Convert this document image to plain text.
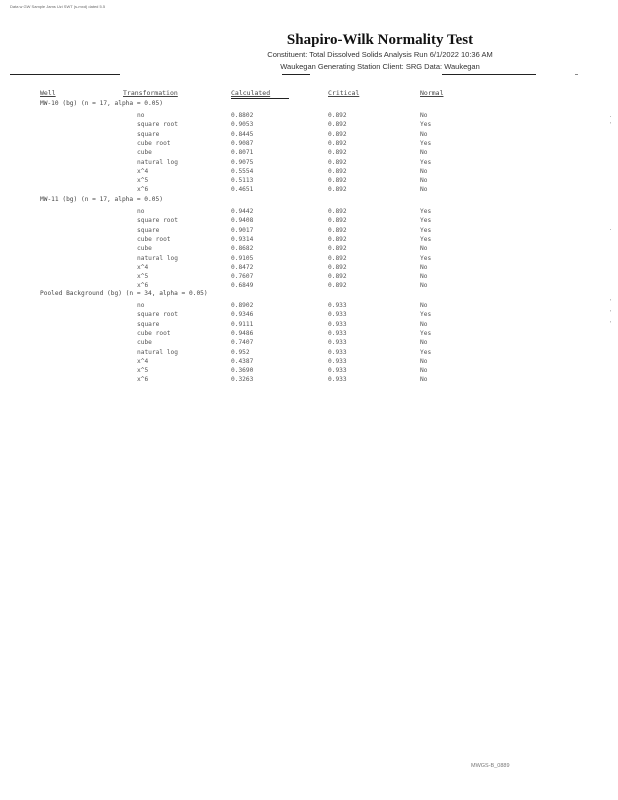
Data w GW Sample Jams Uzi SWT (s-mxd) dated 5.5
Shapiro-Wilk Normality Test
Constituent: Total Dissolved Solids Analysis Run 6/1/2022 10:36 AM
Waukegan Generating Station Client: SRG Data: Waukegan
Well	Transformation	Calculated	Critical	Normal
MW-10 (bg) (n = 17, alpha = 0.05)
no	0.8802	0.892	No
square root	0.9053	0.892	Yes
square	0.8445	0.892	No
cube root	0.9087	0.892	Yes
cube	0.8071	0.892	No
natural log	0.9075	0.892	Yes
x^4	0.5554	0.892	No
x^5	0.5113	0.892	No
x^6	0.4651	0.892	No
MW-11 (bg) (n = 17, alpha = 0.05)
no	0.9442	0.892	Yes
square root	0.9408	0.892	Yes
square	0.9017	0.892	Yes
cube root	0.9314	0.892	Yes
cube	0.8682	0.892	No
natural log	0.9105	0.892	Yes
x^4	0.8472	0.892	No
x^5	0.7607	0.892	No
x^6	0.6849	0.892	No
Pooled Background (bg) (n = 34, alpha = 0.05)
no	0.8902	0.933	No
square root	0.9346	0.933	Yes
square	0.9111	0.933	No
cube root	0.9486	0.933	Yes
cube	0.7407	0.933	No
natural log	0.952	0.933	Yes
x^4	0.4387	0.933	No
x^5	0.3690	0.933	No
x^6	0.3263	0.933	No
.
'
.
'
'
'
MWGS-B_0889
